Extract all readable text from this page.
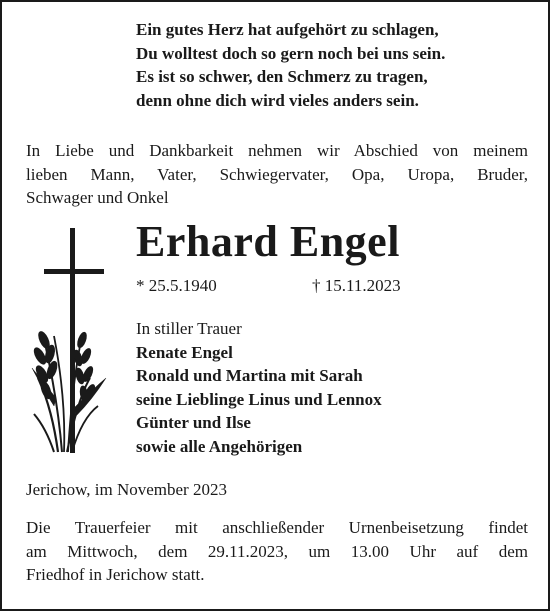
Ein gutes Herz hat aufgehört zu schlagen,
Du wolltest doch so gern noch bei uns sein.
Es ist so schwer, den Schmerz zu tragen,
denn ohne dich wird vieles anders sein.
In Liebe und Dankbarkeit nehmen wir Abschied von meinem
lieben Mann, Vater, Schwiegervater, Opa, Uropa, Bruder,
Schwager und Onkel
Erhard Engel
* 25.5.1940	† 15.11.2023
In stiller Trauer
Renate Engel
Ronald und Martina mit Sarah
seine Lieblinge Linus und Lennox
Günter und Ilse
sowie alle Angehörigen
Jerichow, im November 2023
Die Trauerfeier mit anschließender Urnenbeisetzung findet
am Mittwoch, dem 29.11.2023, um 13.00 Uhr auf dem
Friedhof in Jerichow statt.
